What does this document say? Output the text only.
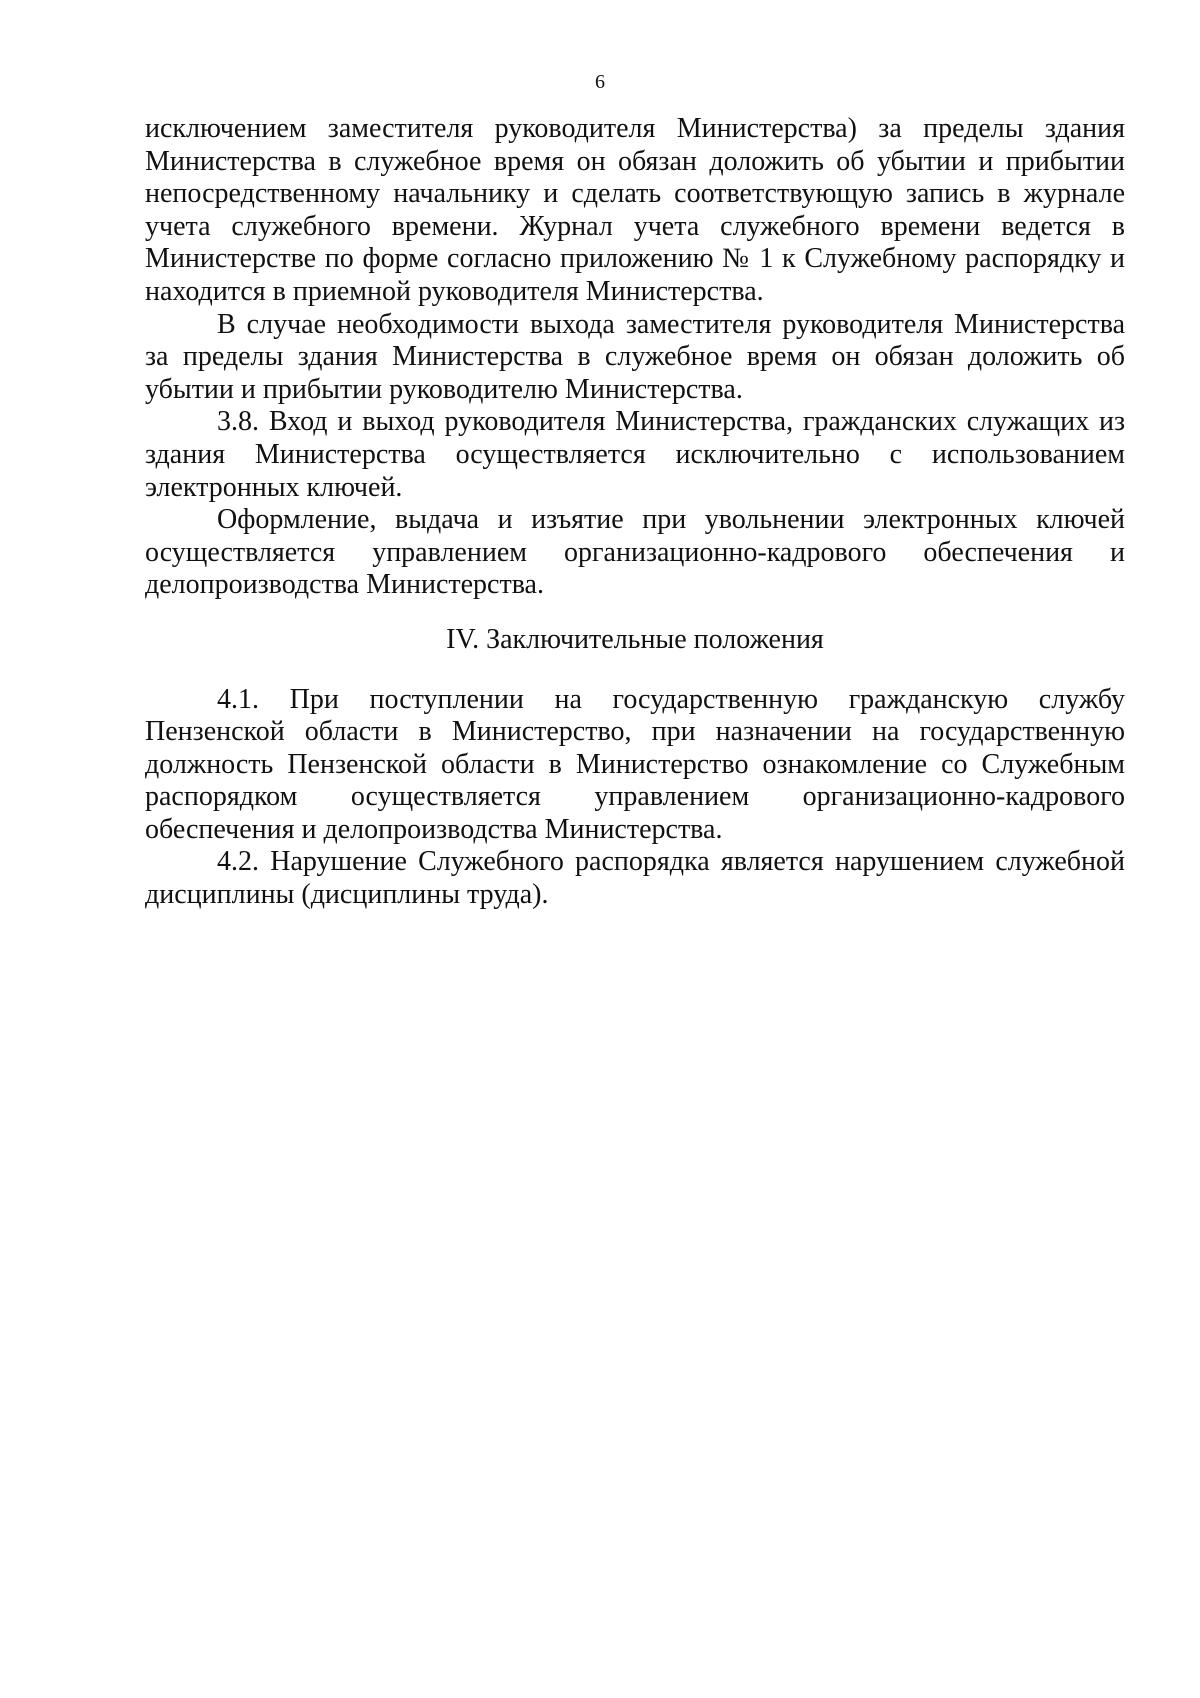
6

исключением заместителя руководителя Министерства) за пределы здания Министерства в служебное время он обязан доложить об убытии и прибытии непосредственному начальнику и сделать соответствующую запись в журнале учета служебного времени. Журнал учета служебного времени ведется в Министерстве по форме согласно приложению № 1 к Служебному распорядку и находится в приемной руководителя Министерства.

В случае необходимости выхода заместителя руководителя Министерства за пределы здания Министерства в служебное время он обязан доложить об убытии и прибытии руководителю Министерства.

3.8. Вход и выход руководителя Министерства, гражданских служащих из здания Министерства осуществляется исключительно с использованием электронных ключей.

Оформление, выдача и изъятие при увольнении электронных ключей осуществляется управлением организационно-кадрового обеспечения и делопроизводства Министерства.

IV. Заключительные положения

4.1. При поступлении на государственную гражданскую службу Пензенской области в Министерство, при назначении на государственную должность Пензенской области в Министерство ознакомление со Служебным распорядком осуществляется управлением организационно-кадрового обеспечения и делопроизводства Министерства.

4.2. Нарушение Служебного распорядка является нарушением служебной дисциплины (дисциплины труда).
